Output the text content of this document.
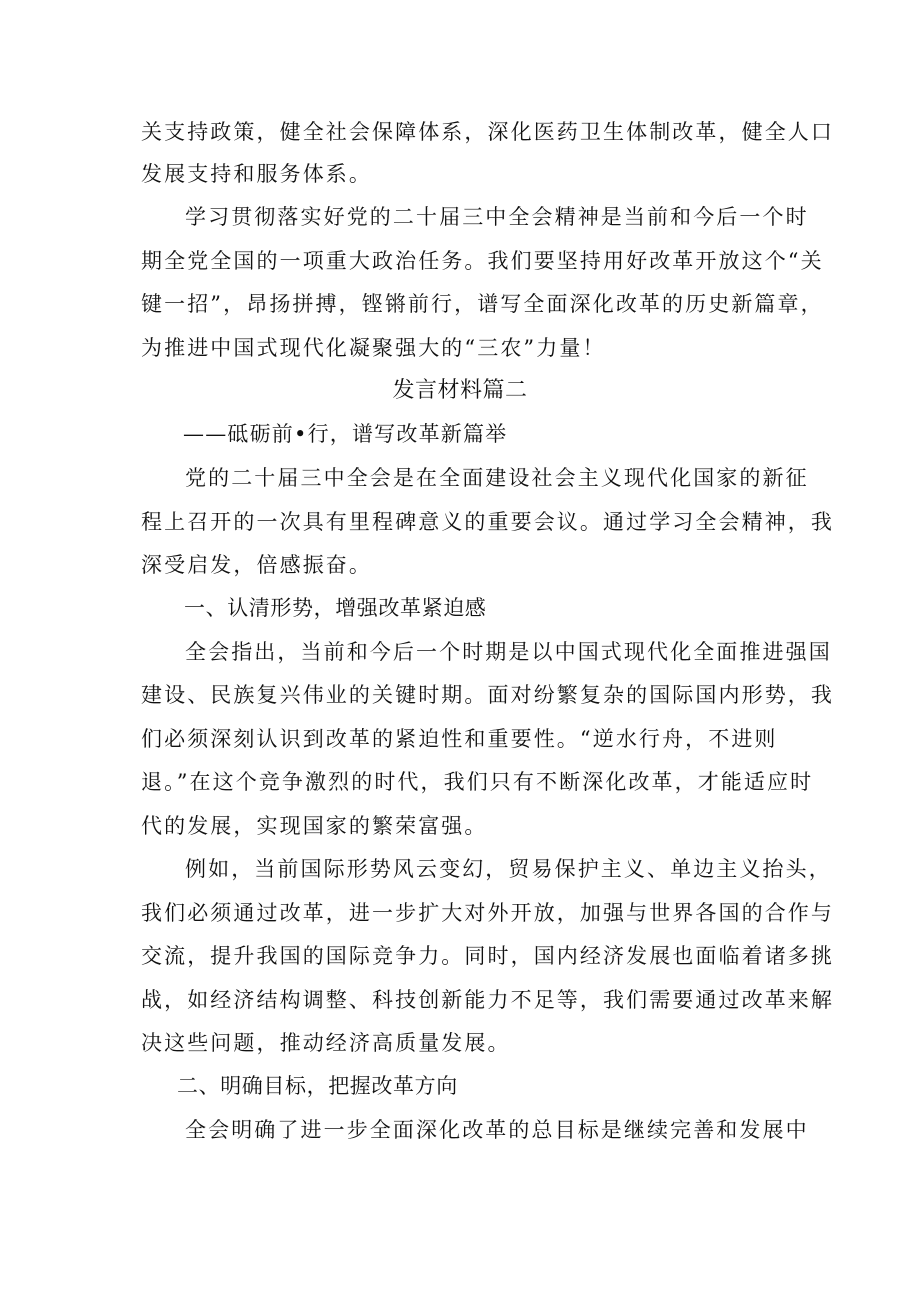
关支持政策，健全社会保障体系，深化医药卫生体制改革，健全人口
发展支持和服务体系。
学习贯彻落实好党的二十届三中全会精神是当前和今后一个时
期全党全国的一项重大政治任务。我们要坚持用好改革开放这个“关
键一招”，昂扬拼搏，铿锵前行，谱写全面深化改革的历史新篇章，
为推进中国式现代化凝聚强大的“三农”力量！
发言材料篇二
——砥砺前•行，谱写改革新篇举
党的二十届三中全会是在全面建设社会主义现代化国家的新征
程上召开的一次具有里程碑意义的重要会议。通过学习全会精神，我
深受启发，倍感振奋。
一、认清形势，增强改革紧迫感
全会指出，当前和今后一个时期是以中国式现代化全面推进强国
建设、民族复兴伟业的关键时期。面对纷繁复杂的国际国内形势，我
们必须深刻认识到改革的紧迫性和重要性。“逆水行舟，不进则
退。”在这个竞争激烈的时代，我们只有不断深化改革，才能适应时
代的发展，实现国家的繁荣富强。
例如，当前国际形势风云变幻，贸易保护主义、单边主义抬头，
我们必须通过改革，进一步扩大对外开放，加强与世界各国的合作与
交流，提升我国的国际竞争力。同时，国内经济发展也面临着诸多挑
战，如经济结构调整、科技创新能力不足等，我们需要通过改革来解
决这些问题，推动经济高质量发展。
二、明确目标，把握改革方向
全会明确了进一步全面深化改革的总目标是继续完善和发展中
